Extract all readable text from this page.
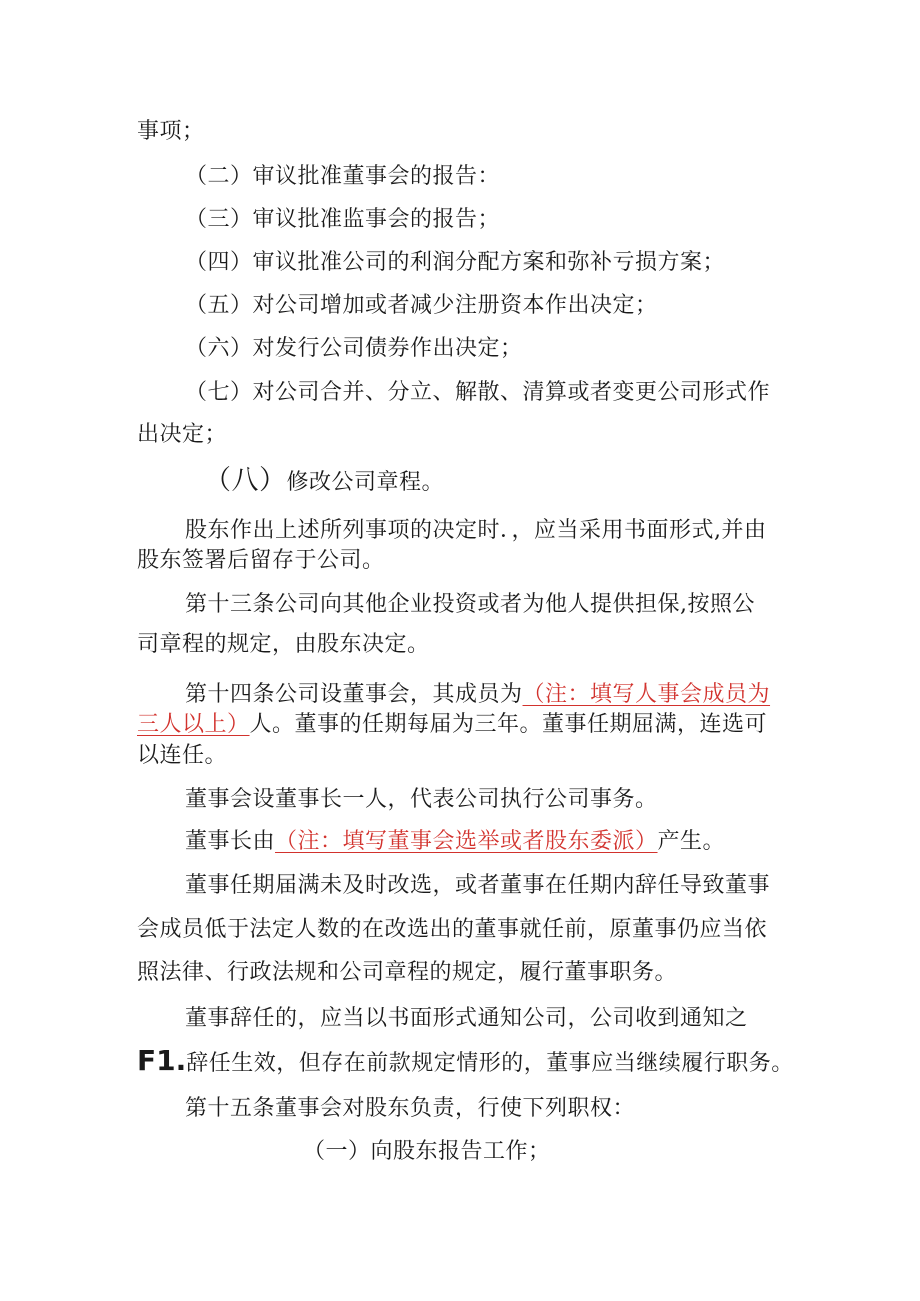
事项；
（二）审议批准董事会的报告：
（三）审议批准监事会的报告；
（四）审议批准公司的利润分配方案和弥补亏损方案；
（五）对公司增加或者减少注册资本作出决定；
（六）对发行公司债券作出决定；
（七）对公司合并、分立、解散、清算或者变更公司形式作
出决定；
（八）修改公司章程。
股东作出上述所列事项的决定时．，应当采用书面形式,并由
股东签署后留存于公司。
第十三条公司向其他企业投资或者为他人提供担保,按照公
司章程的规定，由股东决定。
第十四条公司设董事会，其成员为（注：填写人事会成员为
三人以上）人。董事的任期每届为三年。董事任期屈满，连选可
以连任。
董事会设董事长一人，代表公司执行公司事务。
董事长由（注：填写董事会选举或者股东委派）产生。
董事任期届满未及时改选，或者董事在任期内辞任导致董事
会成员低于法定人数的在改选出的董事就任前，原董事仍应当依
照法律、行政法规和公司章程的规定，履行董事职务。
董事辞任的，应当以书面形式通知公司，公司收到通知之
F1.辞任生效，但存在前款规定情形的，董事应当继续履行职务。
第十五条董事会对股东负责，行使下列职权：
（一）向股东报告工作；
